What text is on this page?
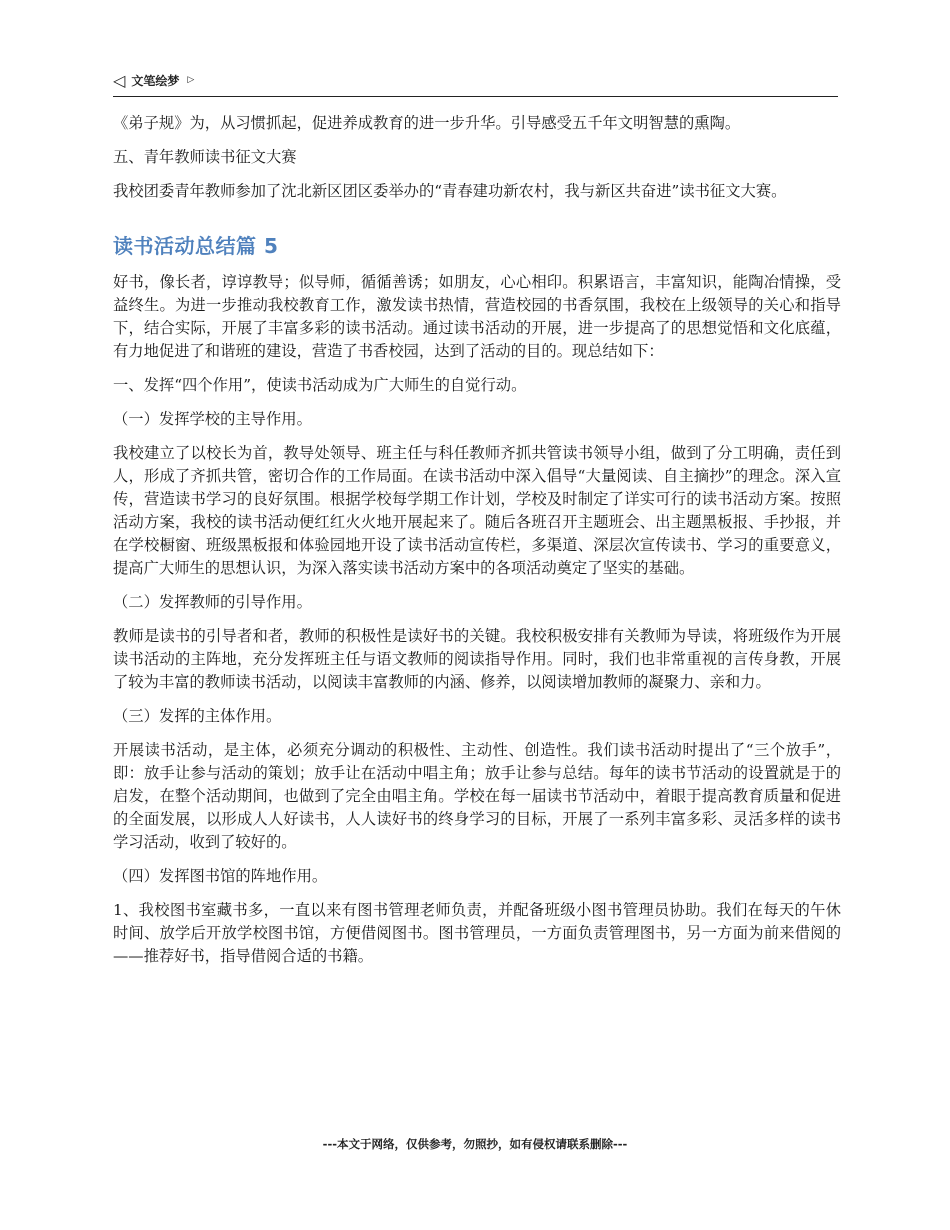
◁ 文笔绘梦 ▷

《弟子规》为，从习惯抓起，促进养成教育的进一步升华。引导感受五千年文明智慧的熏陶。

五、青年教师读书征文大赛

我校团委青年教师参加了沈北新区团区委举办的“青春建功新农村，我与新区共奋进”读书征文大赛。

读书活动总结篇 5

好书，像长者，谆谆教导；似导师，循循善诱；如朋友，心心相印。积累语言，丰富知识，能陶冶情操，受益终生。为进一步推动我校教育工作，激发读书热情，营造校园的书香氛围，我校在上级领导的关心和指导下，结合实际，开展了丰富多彩的读书活动。通过读书活动的开展，进一步提高了的思想觉悟和文化底蕴，有力地促进了和谐班的建设，营造了书香校园，达到了活动的目的。现总结如下：

一、发挥“四个作用”，使读书活动成为广大师生的自觉行动。

（一）发挥学校的主导作用。

我校建立了以校长为首，教导处领导、班主任与科任教师齐抓共管读书领导小组，做到了分工明确，责任到人，形成了齐抓共管，密切合作的工作局面。在读书活动中深入倡导“大量阅读、自主摘抄”的理念。深入宣传，营造读书学习的良好氛围。根据学校每学期工作计划，学校及时制定了详实可行的读书活动方案。按照活动方案，我校的读书活动便红红火火地开展起来了。随后各班召开主题班会、出主题黑板报、手抄报，并在学校橱窗、班级黑板报和体验园地开设了读书活动宣传栏，多渠道、深层次宣传读书、学习的重要意义，提高广大师生的思想认识，为深入落实读书活动方案中的各项活动奠定了坚实的基础。

（二）发挥教师的引导作用。

教师是读书的引导者和者，教师的积极性是读好书的关键。我校积极安排有关教师为导读，将班级作为开展读书活动的主阵地，充分发挥班主任与语文教师的阅读指导作用。同时，我们也非常重视的言传身教，开展了较为丰富的教师读书活动，以阅读丰富教师的内涵、修养，以阅读增加教师的凝聚力、亲和力。

（三）发挥的主体作用。

开展读书活动，是主体，必须充分调动的积极性、主动性、创造性。我们读书活动时提出了“三个放手”，即：放手让参与活动的策划；放手让在活动中唱主角；放手让参与总结。每年的读书节活动的设置就是于的启发，在整个活动期间，也做到了完全由唱主角。学校在每一届读书节活动中，着眼于提高教育质量和促进的全面发展，以形成人人好读书，人人读好书的终身学习的目标，开展了一系列丰富多彩、灵活多样的读书学习活动，收到了较好的。

（四）发挥图书馆的阵地作用。

1、我校图书室藏书多，一直以来有图书管理老师负责，并配备班级小图书管理员协助。我们在每天的午休时间、放学后开放学校图书馆，方便借阅图书。图书管理员，一方面负责管理图书，另一方面为前来借阅的——推荐好书，指导借阅合适的书籍。

---本文于网络，仅供参考，勿照抄，如有侵权请联系删除---
